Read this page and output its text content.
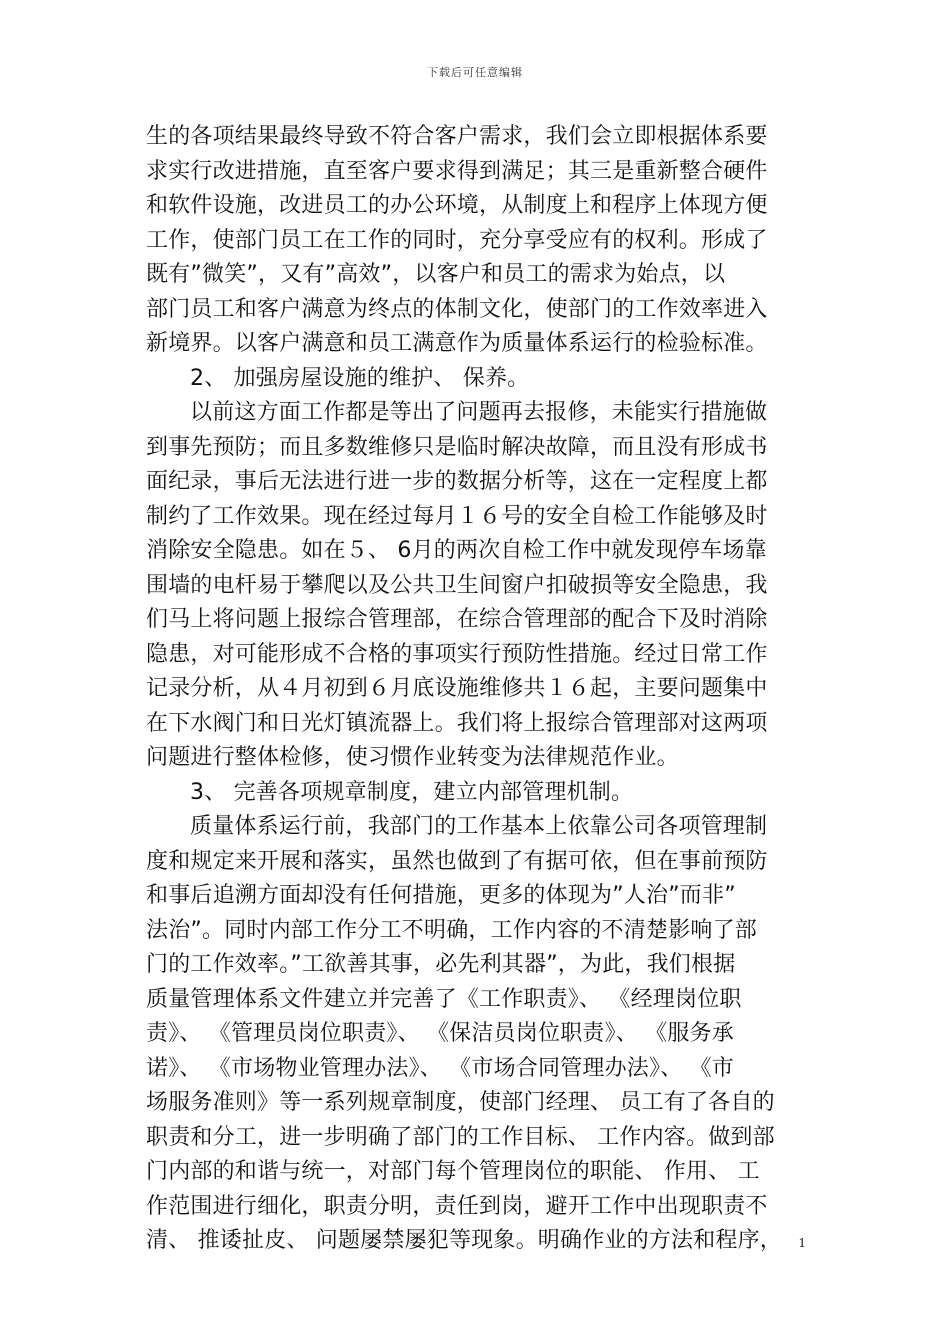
下载后可任意编辑
生的各项结果最终导致不符合客户需求，我们会立即根据体系要
求实行改进措施，直至客户要求得到满足；其三是重新整合硬件
和软件设施，改进员工的办公环境，从制度上和程序上体现方便
工作，使部门员工在工作的同时，充分享受应有的权利。形成了
既有”微笑”，又有”高效”，以客户和员工的需求为始点，以
部门员工和客户满意为终点的体制文化，使部门的工作效率进入
新境界。以客户满意和员工满意作为质量体系运行的检验标准。
2、 加强房屋设施的维护、 保养。
以前这方面工作都是等出了问题再去报修，未能实行措施做
到事先预防；而且多数维修只是临时解决故障，而且没有形成书
面纪录，事后无法进行进一步的数据分析等，这在一定程度上都
制约了工作效果。现在经过每月１６号的安全自检工作能够及时
消除安全隐患。如在５、 6月的两次自检工作中就发现停车场靠
围墙的电杆易于攀爬以及公共卫生间窗户扣破损等安全隐患，我
们马上将问题上报综合管理部，在综合管理部的配合下及时消除
隐患，对可能形成不合格的事项实行预防性措施。经过日常工作
记录分析，从４月初到６月底设施维修共１６起，主要问题集中
在下水阀门和日光灯镇流器上。我们将上报综合管理部对这两项
问题进行整体检修，使习惯作业转变为法律规范作业。
3、 完善各项规章制度，建立内部管理机制。
质量体系运行前，我部门的工作基本上依靠公司各项管理制
度和规定来开展和落实，虽然也做到了有据可依，但在事前预防
和事后追溯方面却没有任何措施，更多的体现为”人治”而非”
法治”。同时内部工作分工不明确，工作内容的不清楚影响了部
门的工作效率。”工欲善其事，必先利其器”，为此，我们根据
质量管理体系文件建立并完善了《工作职责》、 《经理岗位职
责》、 《管理员岗位职责》、 《保洁员岗位职责》、 《服务承
诺》、 《市场物业管理办法》、 《市场合同管理办法》、 《市
场服务准则》等一系列规章制度，使部门经理、 员工有了各自的
职责和分工，进一步明确了部门的工作目标、 工作内容。做到部
门内部的和谐与统一，对部门每个管理岗位的职能、 作用、 工
作范围进行细化，职责分明，责任到岗，避开工作中出现职责不
清、 推诿扯皮、 问题屡禁屡犯等现象。明确作业的方法和程序，	1
